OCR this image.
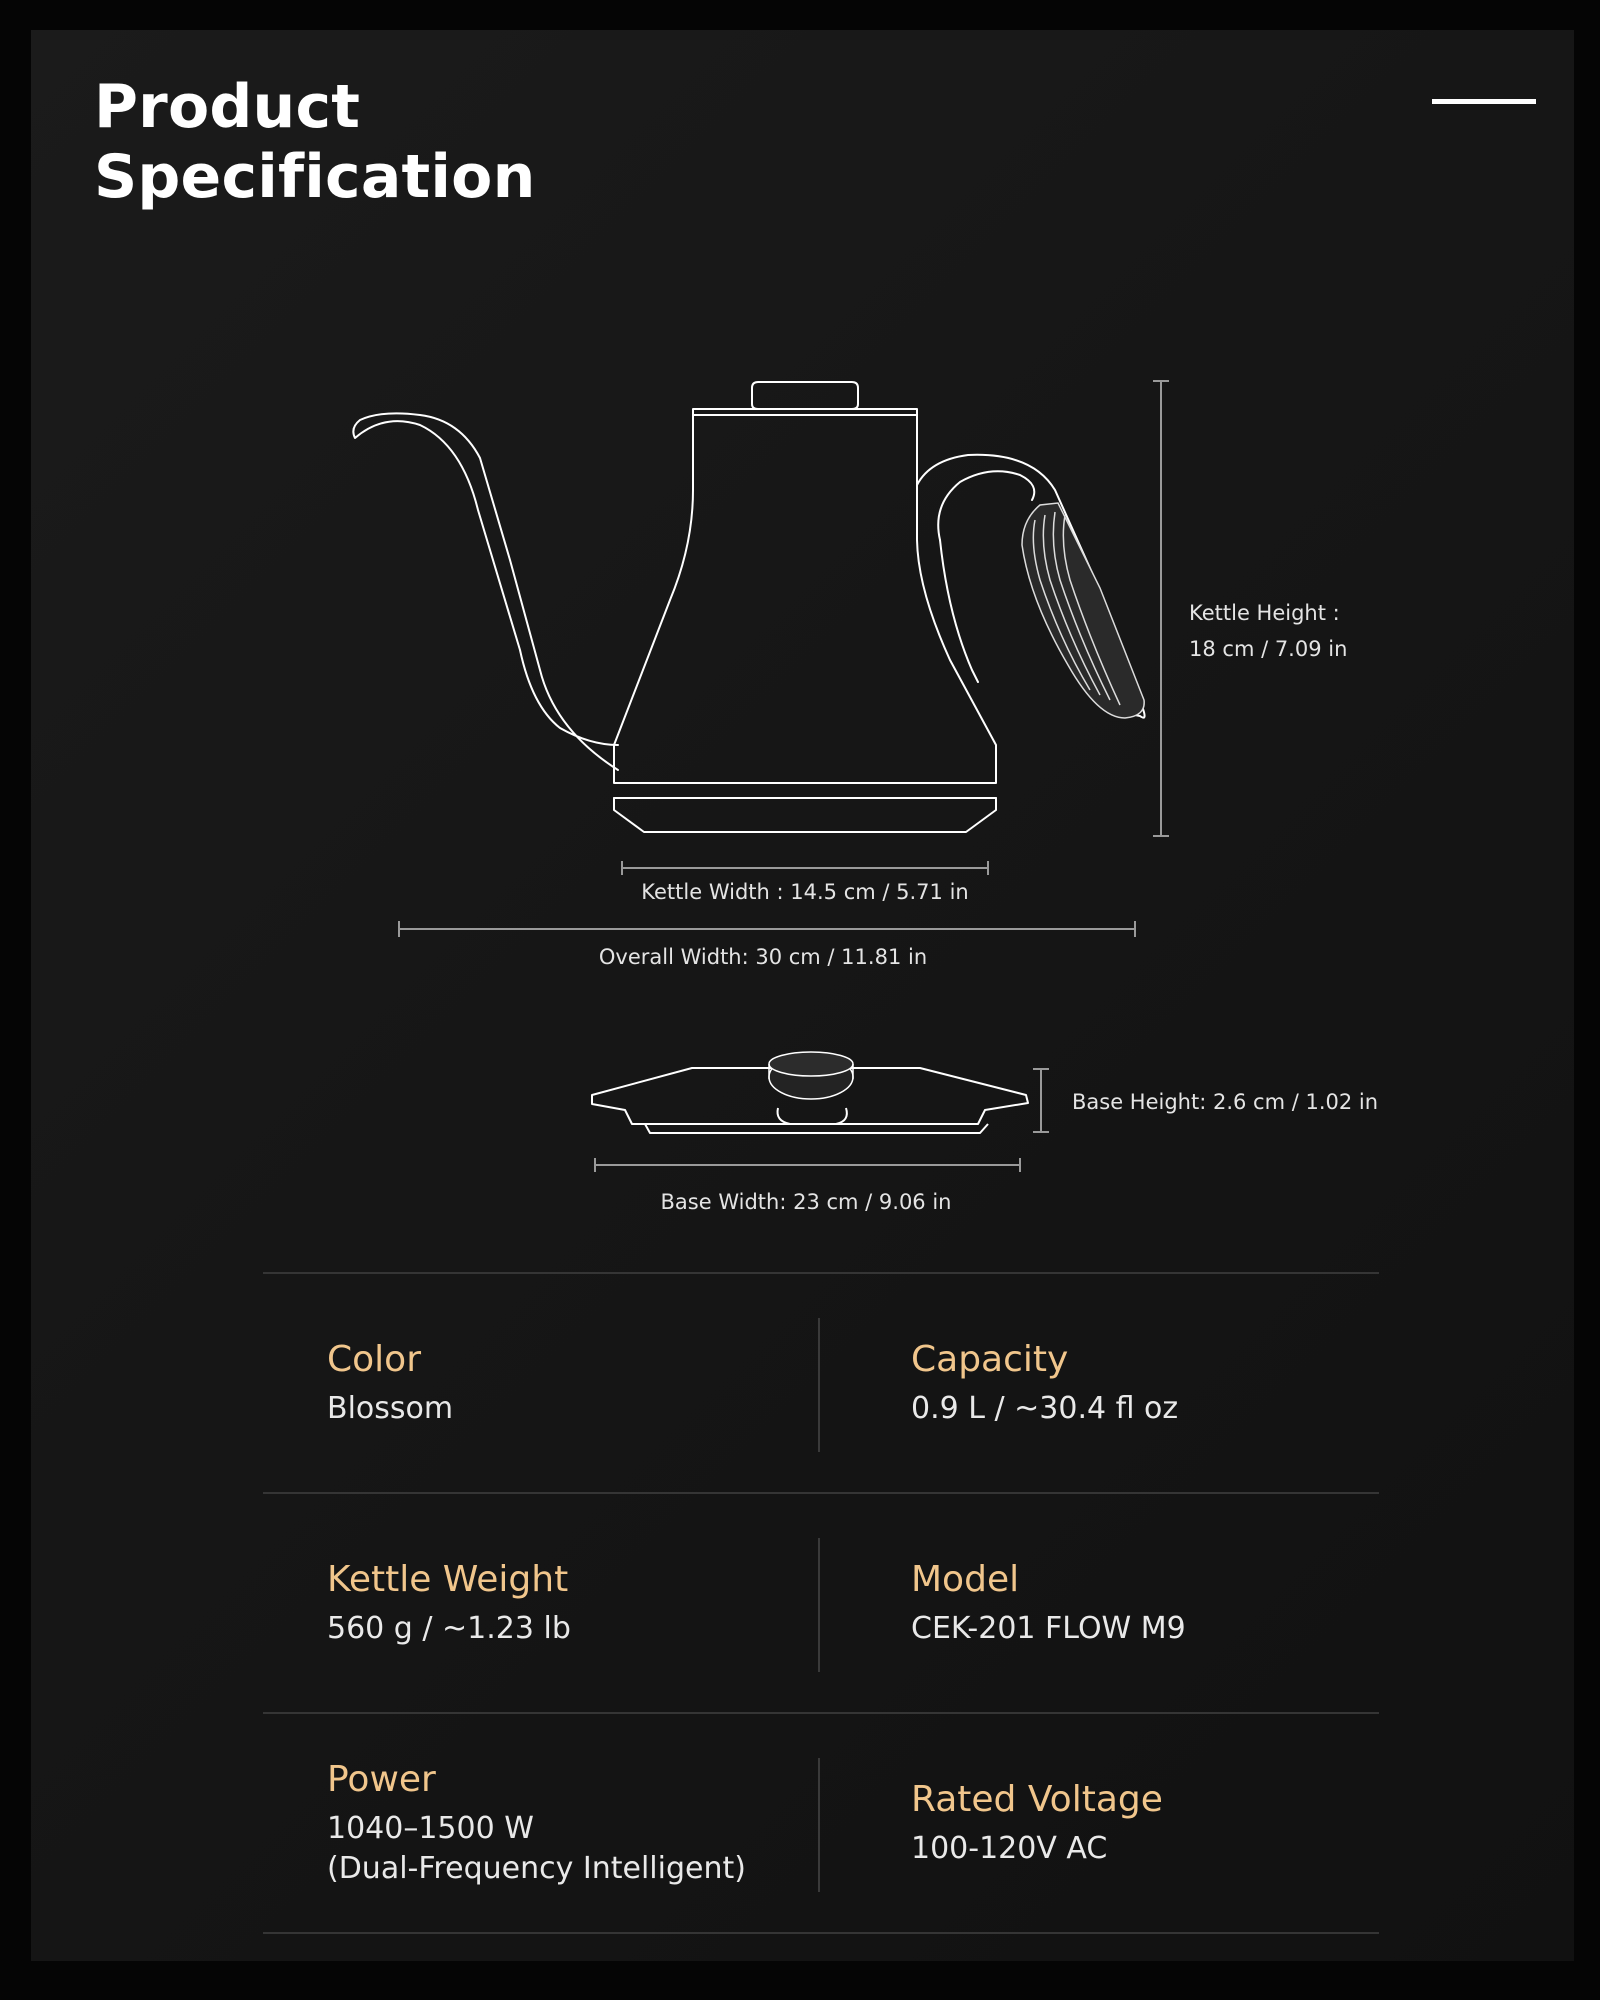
Product
Specification
Kettle Height :
18 cm / 7.09 in
Kettle Width : 14.5 cm / 5.71 in
Overall Width: 30 cm / 11.81 in
Base Height: 2.6 cm / 1.02 in
Base Width: 23 cm / 9.06 in
Color
Blossom
Capacity
0.9 L / ~30.4 fl oz
Kettle Weight
560 g / ~1.23 lb
Model
CEK-201 FLOW M9
Power
1040–1500 W
(Dual-Frequency Intelligent)
Rated Voltage
100-120V AC
